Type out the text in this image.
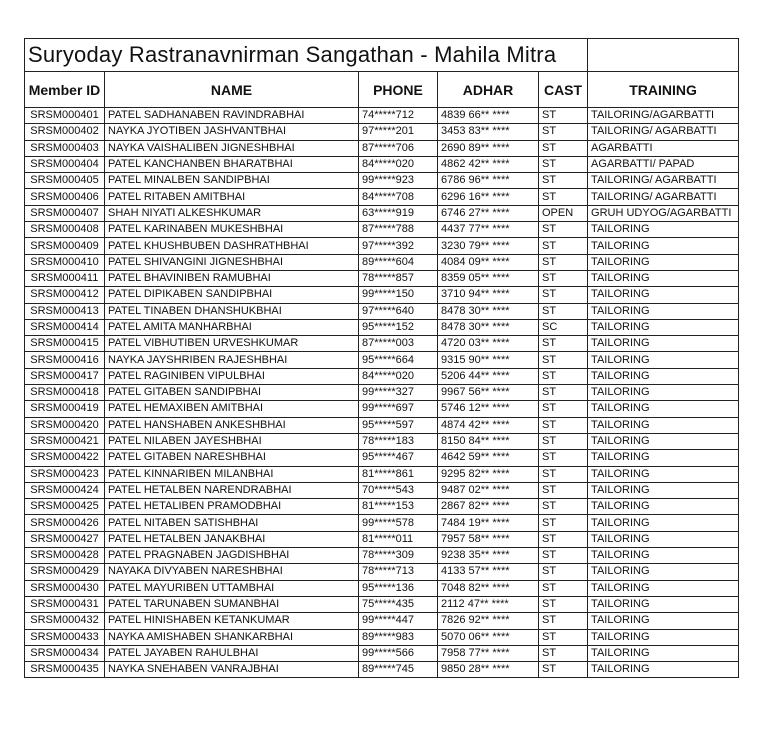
Suryoday Rastranavnirman Sangathan - Mahila Mitra					
Member ID	NAME	PHONE	ADHAR	CAST	TRAINING
SRSM000401	PATEL SADHANABEN RAVINDRABHAI	74*****712	4839 66** ****	ST	TAILORING/AGARBATTI
SRSM000402	NAYKA JYOTIBEN JASHVANTBHAI	97*****201	3453 83** ****	ST	TAILORING/ AGARBATTI
SRSM000403	NAYKA VAISHALIBEN JIGNESHBHAI	87*****706	2690 89** ****	ST	AGARBATTI
SRSM000404	PATEL KANCHANBEN BHARATBHAI	84*****020	4862 42** ****	ST	AGARBATTI/ PAPAD
SRSM000405	PATEL MINALBEN SANDIPBHAI	99*****923	6786 96** ****	ST	TAILORING/ AGARBATTI
SRSM000406	PATEL RITABEN AMITBHAI	84*****708	6296 16** ****	ST	TAILORING/ AGARBATTI
SRSM000407	SHAH NIYATI ALKESHKUMAR	63*****919	6746 27** ****	OPEN	GRUH UDYOG/AGARBATTI
SRSM000408	PATEL KARINABEN MUKESHBHAI	87*****788	4437 77** ****	ST	TAILORING
SRSM000409	PATEL KHUSHBUBEN DASHRATHBHAI	97*****392	3230 79** ****	ST	TAILORING
SRSM000410	PATEL SHIVANGINI JIGNESHBHAI	89*****604	4084 09** ****	ST	TAILORING
SRSM000411	PATEL BHAVINIBEN RAMUBHAI	78*****857	8359 05** ****	ST	TAILORING
SRSM000412	PATEL DIPIKABEN SANDIPBHAI	99*****150	3710 94** ****	ST	TAILORING
SRSM000413	PATEL TINABEN DHANSHUKBHAI	97*****640	8478 30** ****	ST	TAILORING
SRSM000414	PATEL AMITA MANHARBHAI	95*****152	8478 30** ****	SC	TAILORING
SRSM000415	PATEL VIBHUTIBEN URVESHKUMAR	87*****003	4720 03** ****	ST	TAILORING
SRSM000416	NAYKA JAYSHRIBEN RAJESHBHAI	95*****664	9315 90** ****	ST	TAILORING
SRSM000417	PATEL RAGINIBEN VIPULBHAI	84*****020	5206 44** ****	ST	TAILORING
SRSM000418	PATEL GITABEN SANDIPBHAI	99*****327	9967 56** ****	ST	TAILORING
SRSM000419	PATEL HEMAXIBEN AMITBHAI	99*****697	5746 12** ****	ST	TAILORING
SRSM000420	PATEL HANSHABEN ANKESHBHAI	95*****597	4874 42** ****	ST	TAILORING
SRSM000421	PATEL NILABEN JAYESHBHAI	78*****183	8150 84** ****	ST	TAILORING
SRSM000422	PATEL GITABEN NARESHBHAI	95*****467	4642 59** ****	ST	TAILORING
SRSM000423	PATEL KINNARIBEN MILANBHAI	81*****861	9295 82** ****	ST	TAILORING
SRSM000424	PATEL HETALBEN NARENDRABHAI	70*****543	9487 02** ****	ST	TAILORING
SRSM000425	PATEL HETALIBEN PRAMODBHAI	81*****153	2867 82** ****	ST	TAILORING
SRSM000426	PATEL NITABEN SATISHBHAI	99*****578	7484 19** ****	ST	TAILORING
SRSM000427	PATEL HETALBEN JANAKBHAI	81*****011	7957 58** ****	ST	TAILORING
SRSM000428	PATEL PRAGNABEN JAGDISHBHAI	78*****309	9238 35** ****	ST	TAILORING
SRSM000429	NAYAKA DIVYABEN NARESHBHAI	78*****713	4133 57** ****	ST	TAILORING
SRSM000430	PATEL MAYURIBEN UTTAMBHAI	95*****136	7048 82** ****	ST	TAILORING
SRSM000431	PATEL TARUNABEN SUMANBHAI	75*****435	2112 47** ****	ST	TAILORING
SRSM000432	PATEL HINISHABEN KETANKUMAR	99*****447	7826 92** ****	ST	TAILORING
SRSM000433	NAYKA AMISHABEN SHANKARBHAI	89*****983	5070 06** ****	ST	TAILORING
SRSM000434	PATEL JAYABEN RAHULBHAI	99*****566	7958 77** ****	ST	TAILORING
SRSM000435	NAYKA SNEHABEN VANRAJBHAI	89*****745	9850 28** ****	ST	TAILORING
